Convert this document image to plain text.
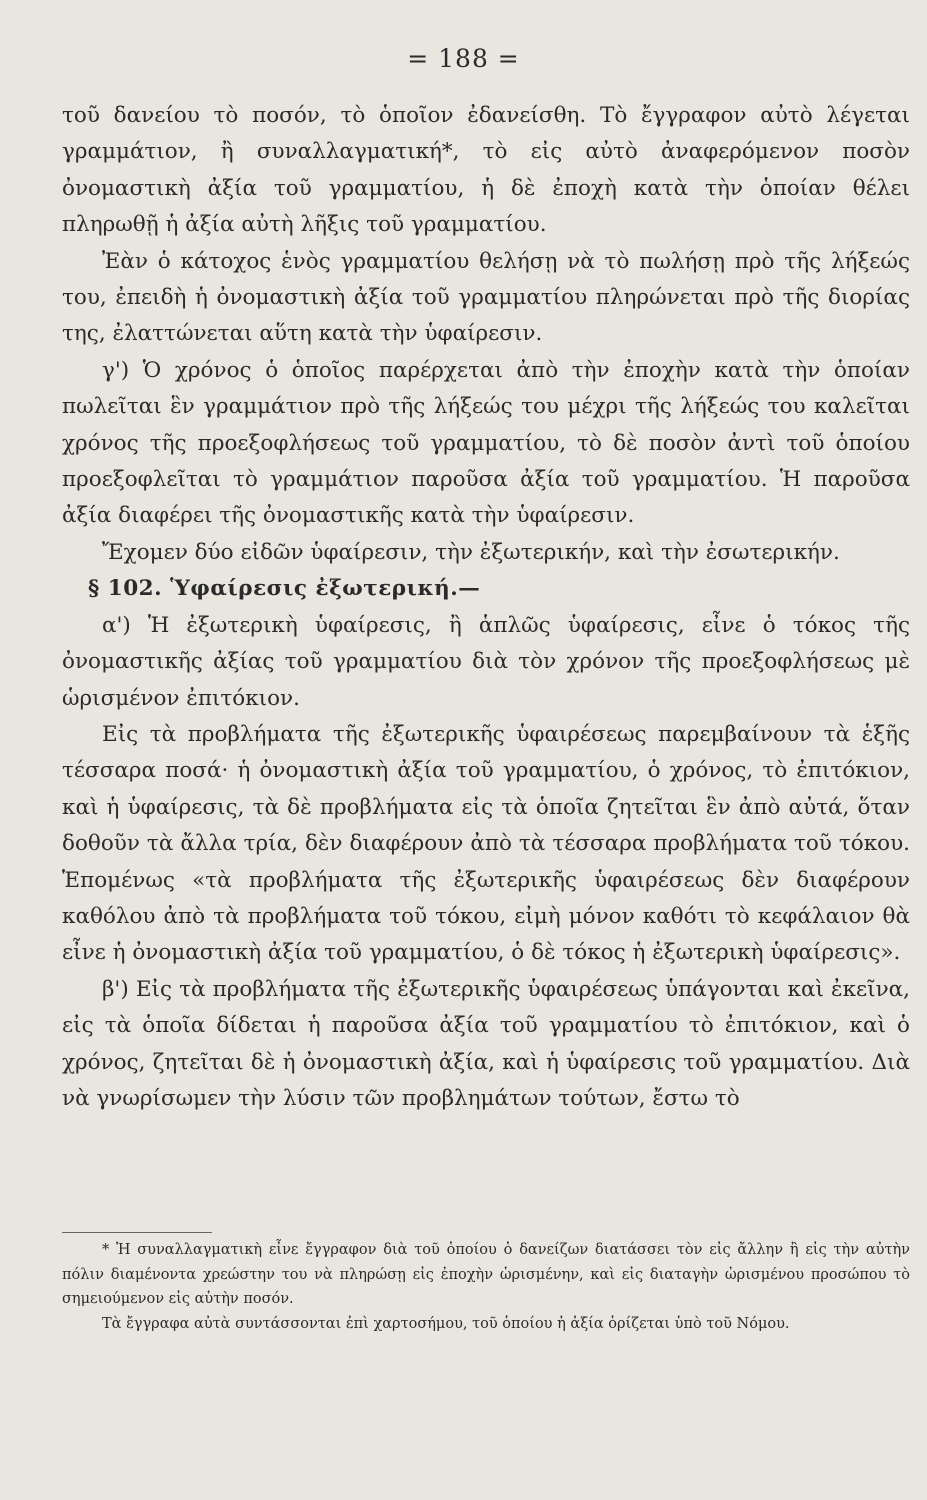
= 188 =

τοῦ δανείου τὸ ποσόν, τὸ ὁποῖον ἐδανείσθη. Τὸ ἔγγραφον αὐτὸ λέγεται γραμμάτιον, ἢ συναλλαγματική*, τὸ εἰς αὐτὸ ἀναφερόμενον ποσὸν ὀνομαστικὴ ἀξία τοῦ γραμματίου, ἡ δὲ ἐποχὴ κατὰ τὴν ὁποίαν θέλει πληρωθῇ ἡ ἀξία αὐτὴ λῆξις τοῦ γραμματίου.

Ἐὰν ὁ κάτοχος ἑνὸς γραμματίου θελήσῃ νὰ τὸ πωλήσῃ πρὸ τῆς λήξεώς του, ἐπειδὴ ἡ ὀνομαστικὴ ἀξία τοῦ γραμματίου πληρώνεται πρὸ τῆς διορίας της, ἐλαττώνεται αὕτη κατὰ τὴν ὑφαίρεσιν.

γ') Ὁ χρόνος ὁ ὁποῖος παρέρχεται ἀπὸ τὴν ἐποχὴν κατὰ τὴν ὁποίαν πωλεῖται ἓν γραμμάτιον πρὸ τῆς λήξεώς του μέχρι τῆς λήξεώς του καλεῖται χρόνος τῆς προεξοφλήσεως τοῦ γραμματίου, τὸ δὲ ποσὸν ἀντὶ τοῦ ὁποίου προεξοφλεῖται τὸ γραμμάτιον παροῦσα ἀξία τοῦ γραμματίου. Ἡ παροῦσα ἀξία διαφέρει τῆς ὀνομαστικῆς κατὰ τὴν ὑφαίρεσιν.

Ἔχομεν δύο εἰδῶν ὑφαίρεσιν, τὴν ἐξωτερικήν, καὶ τὴν ἐσωτερικήν.

§ 102. Ὑφαίρεσις ἐξωτερική.—

α') Ἡ ἐξωτερικὴ ὑφαίρεσις, ἢ ἁπλῶς ὑφαίρεσις, εἶνε ὁ τόκος τῆς ὀνομαστικῆς ἀξίας τοῦ γραμματίου διὰ τὸν χρόνον τῆς προεξοφλήσεως μὲ ὡρισμένον ἐπιτόκιον.

Εἰς τὰ προβλήματα τῆς ἐξωτερικῆς ὑφαιρέσεως παρεμβαίνουν τὰ ἑξῆς τέσσαρα ποσά· ἡ ὀνομαστικὴ ἀξία τοῦ γραμματίου, ὁ χρόνος, τὸ ἐπιτόκιον, καὶ ἡ ὑφαίρεσις, τὰ δὲ προβλήματα εἰς τὰ ὁποῖα ζητεῖται ἓν ἀπὸ αὐτά, ὅταν δοθοῦν τὰ ἄλλα τρία, δὲν διαφέρουν ἀπὸ τὰ τέσσαρα προβλήματα τοῦ τόκου. Ἑπομένως «τὰ προβλήματα τῆς ἐξωτερικῆς ὑφαιρέσεως δὲν διαφέρουν καθόλου ἀπὸ τὰ προβλήματα τοῦ τόκου, εἰμὴ μόνον καθότι τὸ κεφάλαιον θὰ εἶνε ἡ ὀνομαστικὴ ἀξία τοῦ γραμματίου, ὁ δὲ τόκος ἡ ἐξωτερικὴ ὑφαίρεσις».

β') Εἰς τὰ προβλήματα τῆς ἐξωτερικῆς ὑφαιρέσεως ὑπάγονται καὶ ἐκεῖνα, εἰς τὰ ὁποῖα δίδεται ἡ παροῦσα ἀξία τοῦ γραμματίου τὸ ἐπιτόκιον, καὶ ὁ χρόνος, ζητεῖται δὲ ἡ ὀνομαστικὴ ἀξία, καὶ ἡ ὑφαίρεσις τοῦ γραμματίου. Διὰ νὰ γνωρίσωμεν τὴν λύσιν τῶν προβλημάτων τούτων, ἔστω τὸ

* Ἡ συναλλαγματικὴ εἶνε ἔγγραφον διὰ τοῦ ὁποίου ὁ δανείζων διατάσσει τὸν εἰς ἄλλην ἢ εἰς τὴν αὐτὴν πόλιν διαμένοντα χρεώστην του νὰ πληρώσῃ εἰς ἐποχὴν ὡρισμένην, καὶ εἰς διαταγὴν ὡρισμένου προσώπου τὸ σημειούμενον εἰς αὐτὴν ποσόν.

Τὰ ἔγγραφα αὐτὰ συντάσσονται ἐπὶ χαρτοσήμου, τοῦ ὁποίου ἡ ἀξία ὁρίζεται ὑπὸ τοῦ Νόμου.
